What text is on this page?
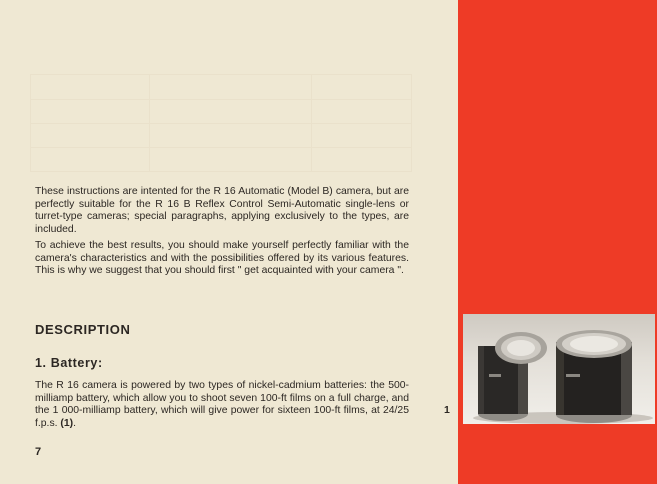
These instructions are intented for the R 16 Automatic (Model B) camera, but are perfectly suitable for the R 16 B Reflex Control Semi-Automatic single-lens or turret-type cameras; special paragraphs, applying exclusively to the types, are included.

To achieve the best results, you should make yourself perfectly familiar with the camera's characteristics and with the possibilities offered by its various features. This is why we suggest that you should first " get acquainted with your camera ".

DESCRIPTION
1. Battery:

The R 16 camera is powered by two types of nickel-cadmium batteries: the 500-milliamp battery, which allow you to shoot seven 100-ft films on a full charge, and the 1 000-milliamp battery, which will give power for sixteen 100-ft films, at 24/25 f.p.s. (1).

1
7
